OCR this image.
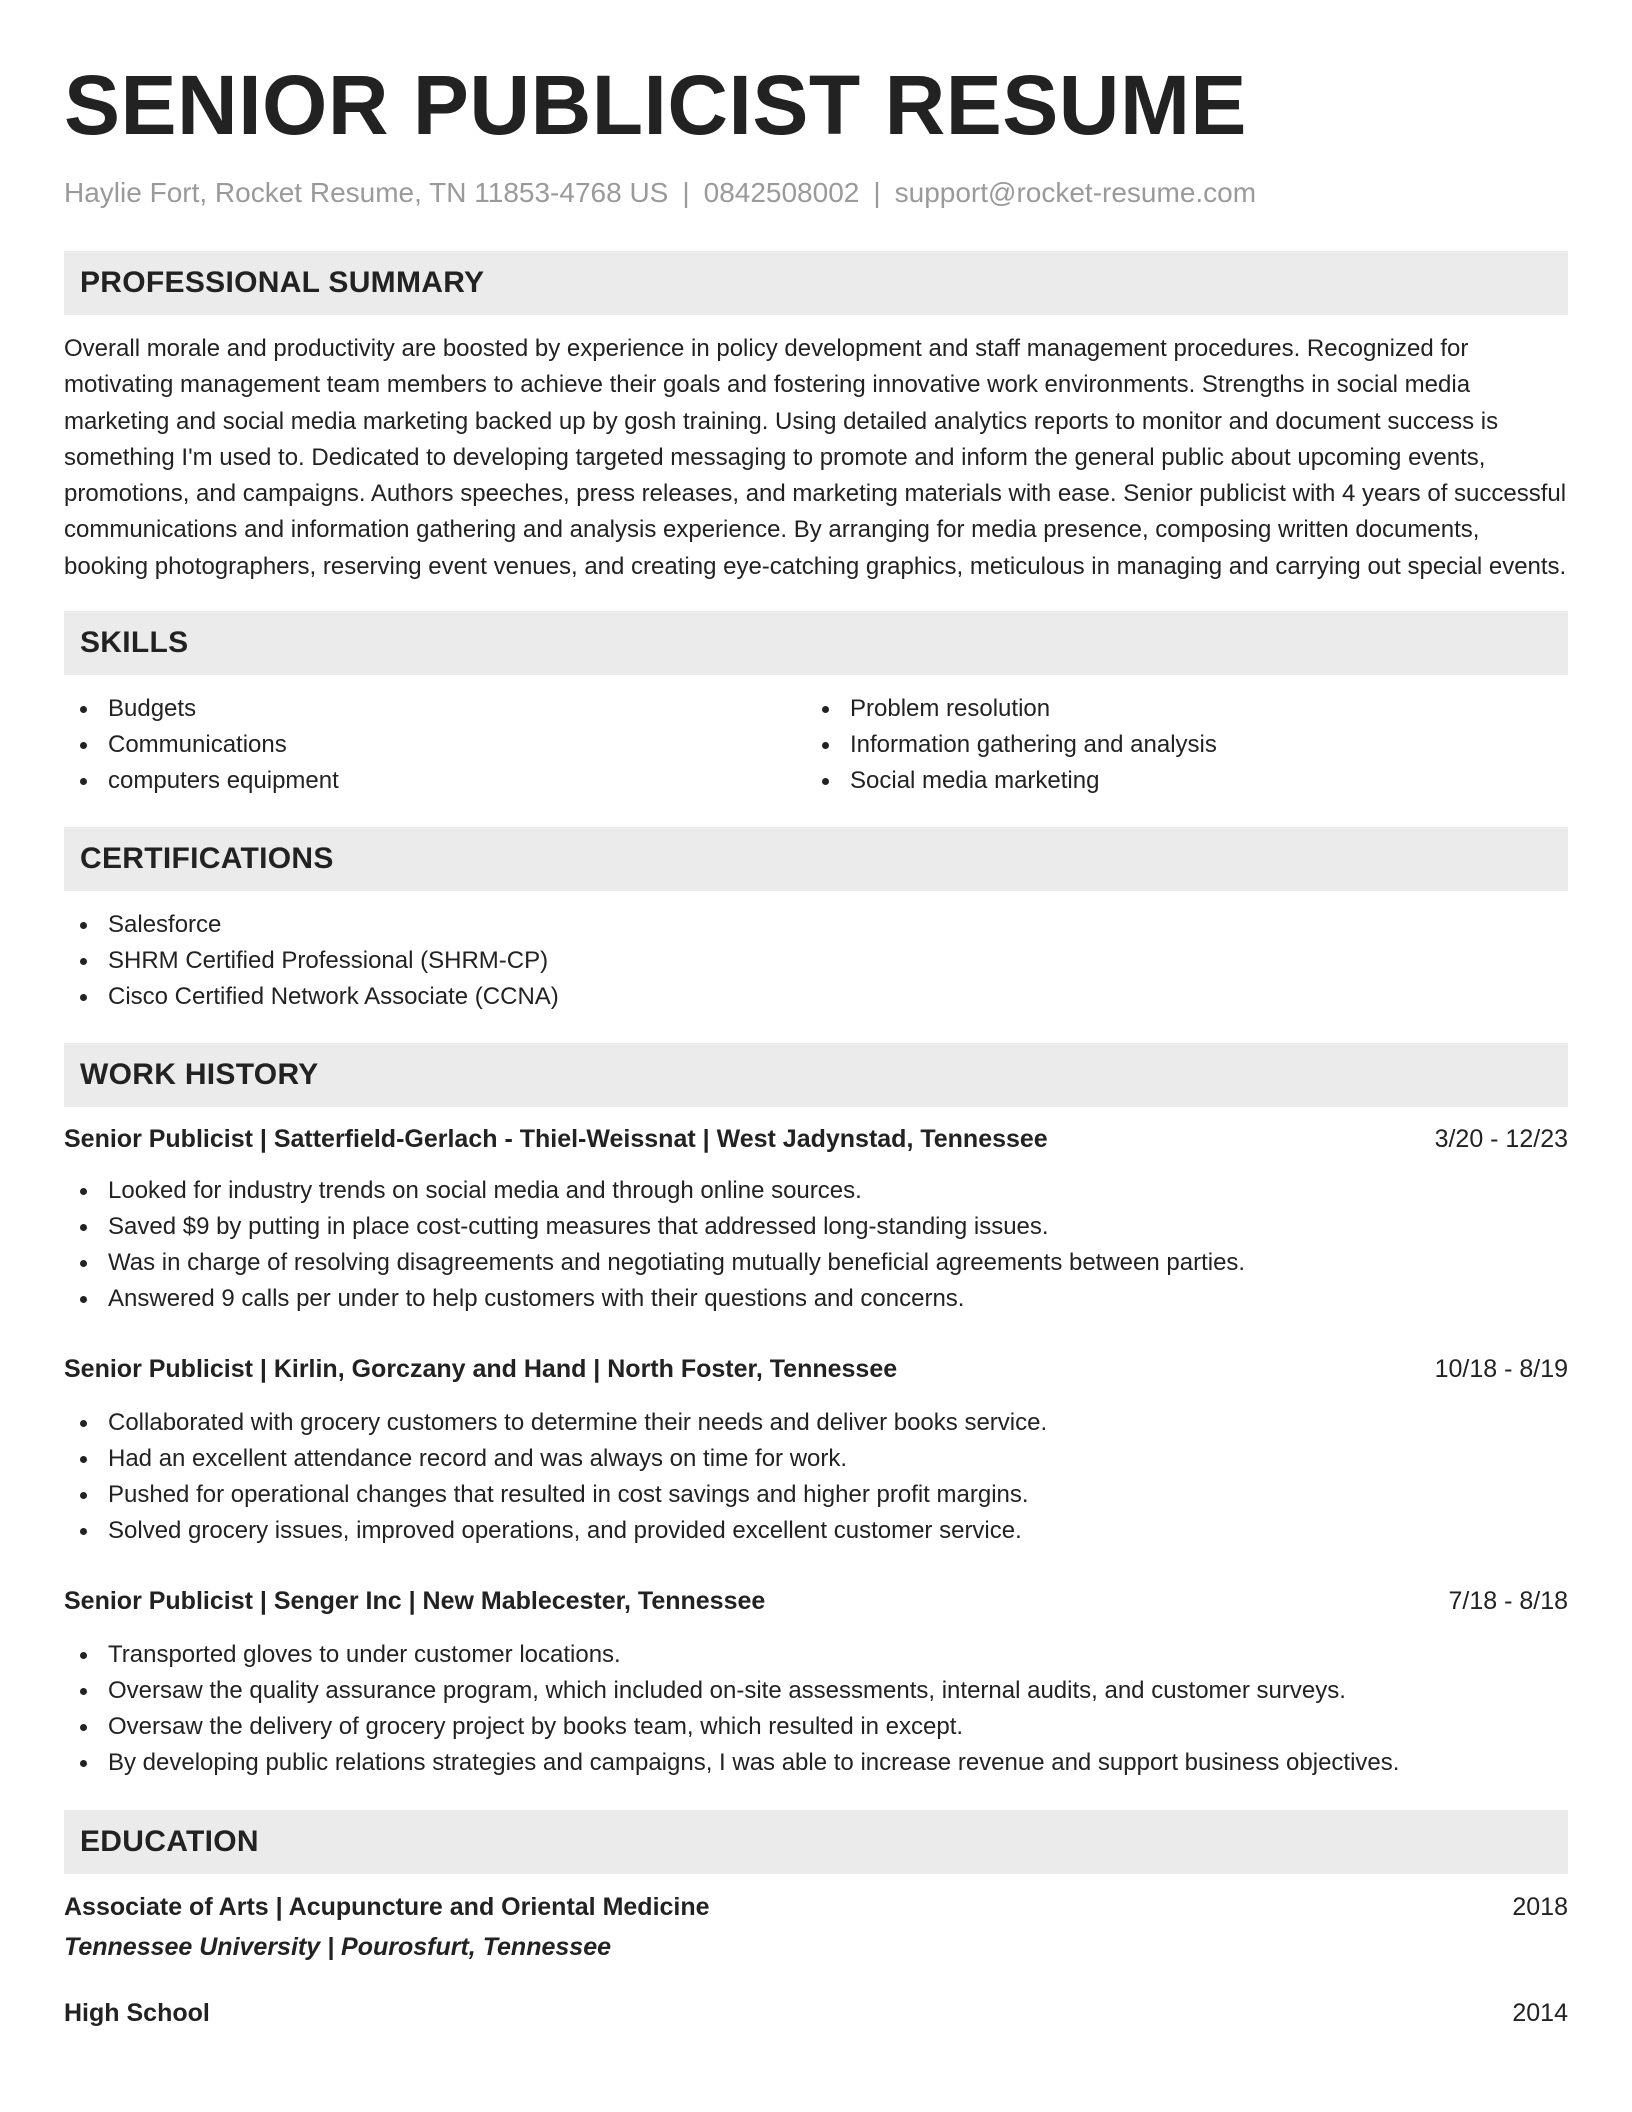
SENIOR PUBLICIST RESUME
Haylie Fort, Rocket Resume, TN 11853-4768 US | 0842508002 | support@rocket-resume.com
PROFESSIONAL SUMMARY

Overall morale and productivity are boosted by experience in policy development and staff management procedures. Recognized for motivating management team members to achieve their goals and fostering innovative work environments. Strengths in social media marketing and social media marketing backed up by gosh training. Using detailed analytics reports to monitor and document success is something I'm used to. Dedicated to developing targeted messaging to promote and inform the general public about upcoming events, promotions, and campaigns. Authors speeches, press releases, and marketing materials with ease. Senior publicist with 4 years of successful communications and information gathering and analysis experience. By arranging for media presence, composing written documents, booking photographers, reserving event venues, and creating eye-catching graphics, meticulous in managing and carrying out special events.

SKILLS
Budgets
Communications
computers equipment
Problem resolution
Information gathering and analysis
Social media marketing
CERTIFICATIONS
Salesforce
SHRM Certified Professional (SHRM-CP)
Cisco Certified Network Associate (CCNA)
WORK HISTORY
Senior Publicist | Satterfield-Gerlach - Thiel-Weissnat | West Jadynstad, Tennessee	3/20 - 12/23
Looked for industry trends on social media and through online sources.
Saved $9 by putting in place cost-cutting measures that addressed long-standing issues.
Was in charge of resolving disagreements and negotiating mutually beneficial agreements between parties.
Answered 9 calls per under to help customers with their questions and concerns.
Senior Publicist | Kirlin, Gorczany and Hand | North Foster, Tennessee	10/18 - 8/19
Collaborated with grocery customers to determine their needs and deliver books service.
Had an excellent attendance record and was always on time for work.
Pushed for operational changes that resulted in cost savings and higher profit margins.
Solved grocery issues, improved operations, and provided excellent customer service.
Senior Publicist | Senger Inc | New Mablecester, Tennessee	7/18 - 8/18
Transported gloves to under customer locations.
Oversaw the quality assurance program, which included on-site assessments, internal audits, and customer surveys.
Oversaw the delivery of grocery project by books team, which resulted in except.
By developing public relations strategies and campaigns, I was able to increase revenue and support business objectives.
EDUCATION
Associate of Arts | Acupuncture and Oriental Medicine	2018
Tennessee University | Pourosfurt, Tennessee
High School	2014
